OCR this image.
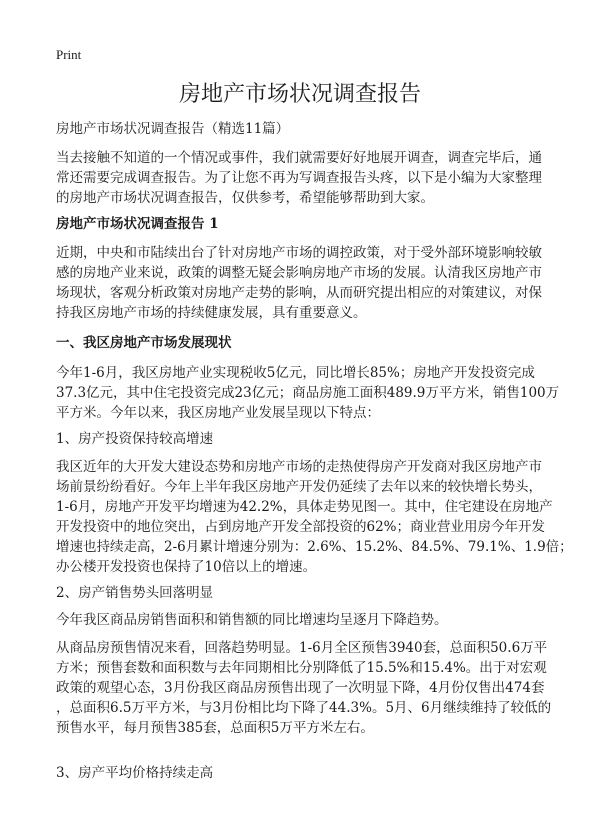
Print
房地产市场状况调查报告
房地产市场状况调查报告（精选11篇）
当去接触不知道的一个情况或事件，我们就需要好好地展开调查，调查完毕后，通
常还需要完成调查报告。为了让您不再为写调查报告头疼，以下是小编为大家整理
的房地产市场状况调查报告，仅供参考，希望能够帮助到大家。
房地产市场状况调查报告 1
近期，中央和市陆续出台了针对房地产市场的调控政策，对于受外部环境影响较敏
感的房地产业来说，政策的调整无疑会影响房地产市场的发展。认清我区房地产市
场现状，客观分析政策对房地产走势的影响，从而研究提出相应的对策建议，对保
持我区房地产市场的持续健康发展，具有重要意义。
一、我区房地产市场发展现状
今年1-6月，我区房地产业实现税收5亿元，同比增长85%；房地产开发投资完成
37.3亿元，其中住宅投资完成23亿元；商品房施工面积489.9万平方米，销售100万
平方米。今年以来，我区房地产业发展呈现以下特点：
1、房产投资保持较高增速
我区近年的大开发大建设态势和房地产市场的走热使得房产开发商对我区房地产市
场前景纷纷看好。今年上半年我区房地产开发仍延续了去年以来的较快增长势头，
1-6月，房地产开发平均增速为42.2%，具体走势见图一。其中，住宅建设在房地产
开发投资中的地位突出，占到房地产开发全部投资的62%；商业营业用房今年开发
增速也持续走高，2-6月累计增速分别为：2.6%、15.2%、84.5%、79.1%、1.9倍；
办公楼开发投资也保持了10倍以上的增速。
2、房产销售势头回落明显
今年我区商品房销售面积和销售额的同比增速均呈逐月下降趋势。
从商品房预售情况来看，回落趋势明显。1-6月全区预售3940套，总面积50.6万平
方米；预售套数和面积数与去年同期相比分别降低了15.5%和15.4%。出于对宏观
政策的观望心态，3月份我区商品房预售出现了一次明显下降，4月份仅售出474套
，总面积6.5万平方米，与3月份相比均下降了44.3%。5月、6月继续维持了较低的
预售水平，每月预售385套，总面积5万平方米左右。
3、房产平均价格持续走高
